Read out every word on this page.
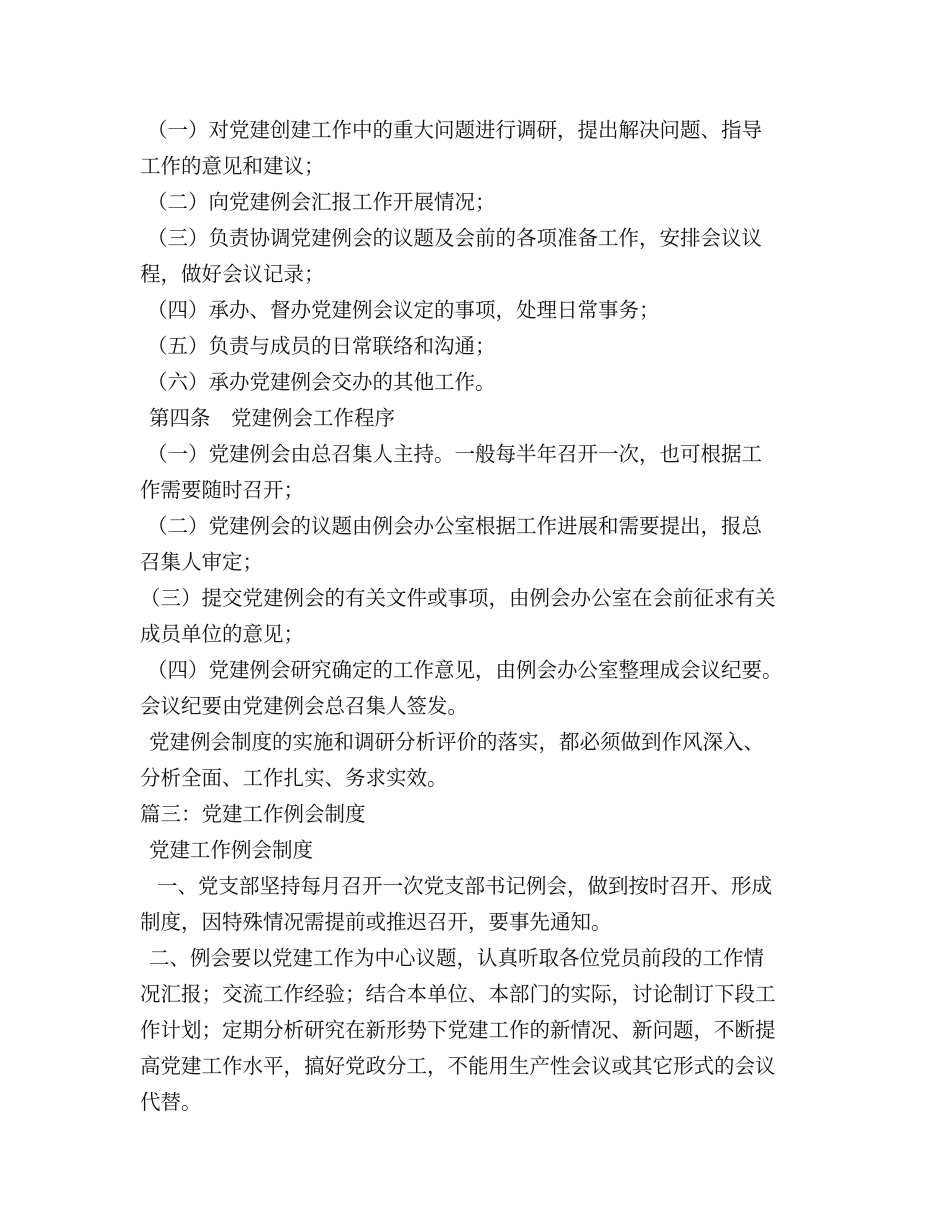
（一）对党建创建工作中的重大问题进行调研，提出解决问题、指导
工作的意见和建议；
（二）向党建例会汇报工作开展情况；
（三）负责协调党建例会的议题及会前的各项准备工作，安排会议议
程，做好会议记录；
（四）承办、督办党建例会议定的事项，处理日常事务；
（五）负责与成员的日常联络和沟通；
（六）承办党建例会交办的其他工作。
第四条　党建例会工作程序
（一）党建例会由总召集人主持。一般每半年召开一次，也可根据工
作需要随时召开；
（二）党建例会的议题由例会办公室根据工作进展和需要提出，报总
召集人审定；
（三）提交党建例会的有关文件或事项，由例会办公室在会前征求有关
成员单位的意见；
（四）党建例会研究确定的工作意见，由例会办公室整理成会议纪要。
会议纪要由党建例会总召集人签发。
党建例会制度的实施和调研分析评价的落实，都必须做到作风深入、
分析全面、工作扎实、务求实效。
篇三：党建工作例会制度
党建工作例会制度
一、党支部坚持每月召开一次党支部书记例会，做到按时召开、形成
制度，因特殊情况需提前或推迟召开，要事先通知。
二、例会要以党建工作为中心议题，认真听取各位党员前段的工作情
况汇报；交流工作经验；结合本单位、本部门的实际，讨论制订下段工
作计划；定期分析研究在新形势下党建工作的新情况、新问题，不断提
高党建工作水平，搞好党政分工，不能用生产性会议或其它形式的会议
代替。
